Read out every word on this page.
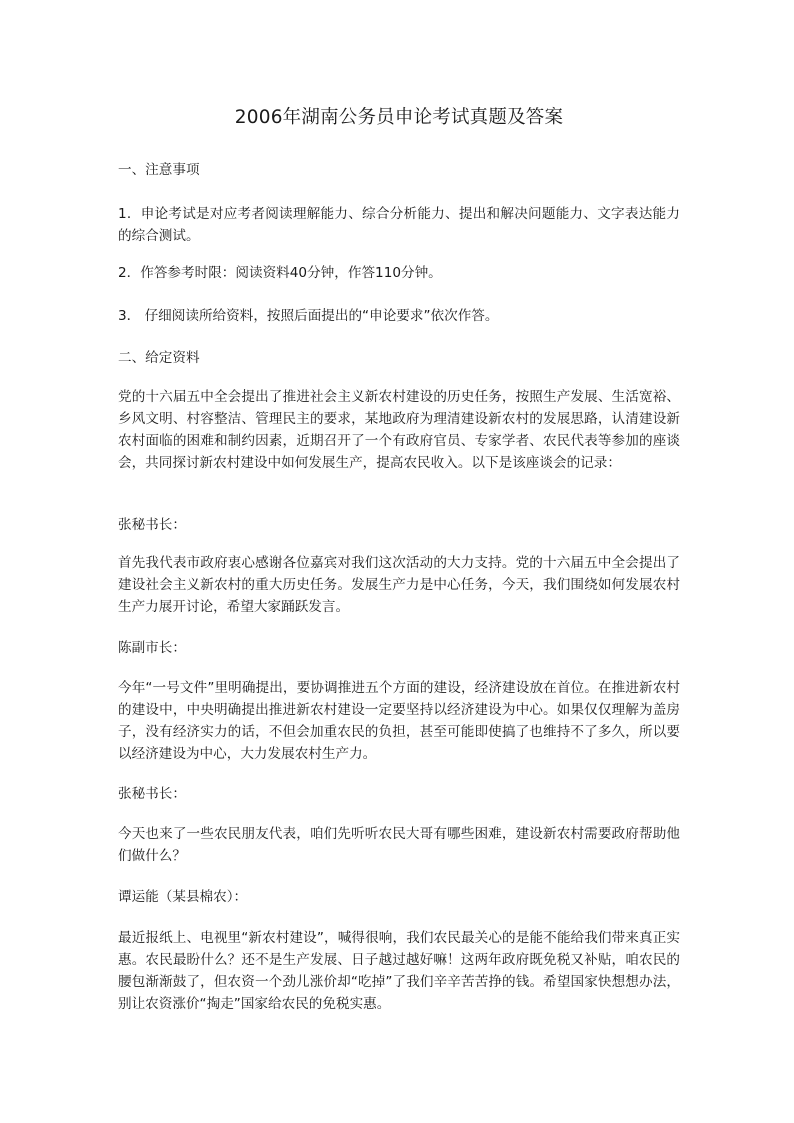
2006年湖南公务员申论考试真题及答案

一、注意事项

1．申论考试是对应考者阅读理解能力、综合分析能力、提出和解决问题能力、文字表达能力的综合测试。

2．作答参考时限：阅读资料40分钟，作答110分钟。

3． 仔细阅读所给资料，按照后面提出的“申论要求”依次作答。

二、给定资料

党的十六届五中全会提出了推进社会主义新农村建设的历史任务，按照生产发展、生活宽裕、乡风文明、村容整洁、管理民主的要求，某地政府为理清建设新农村的发展思路，认清建设新农村面临的困难和制约因素，近期召开了一个有政府官员、专家学者、农民代表等参加的座谈会，共同探讨新农村建设中如何发展生产，提高农民收入。以下是该座谈会的记录：

张秘书长：

首先我代表市政府衷心感谢各位嘉宾对我们这次活动的大力支持。党的十六届五中全会提出了建设社会主义新农村的重大历史任务。发展生产力是中心任务，今天，我们围绕如何发展农村生产力展开讨论，希望大家踊跃发言。

陈副市长：

今年“一号文件”里明确提出，要协调推进五个方面的建设，经济建设放在首位。在推进新农村的建设中，中央明确提出推进新农村建设一定要坚持以经济建设为中心。如果仅仅理解为盖房子，没有经济实力的话，不但会加重农民的负担，甚至可能即使搞了也维持不了多久，所以要以经济建设为中心，大力发展农村生产力。

张秘书长：

今天也来了一些农民朋友代表，咱们先听听农民大哥有哪些困难，建设新农村需要政府帮助他们做什么？

谭运能（某县棉农）：

最近报纸上、电视里“新农村建设”，喊得很响，我们农民最关心的是能不能给我们带来真正实惠。农民最盼什么？还不是生产发展、日子越过越好嘛！这两年政府既免税又补贴，咱农民的腰包渐渐鼓了，但农资一个劲儿涨价却“吃掉”了我们辛辛苦苦挣的钱。希望国家快想想办法，别让农资涨价“掏走”国家给农民的免税实惠。
